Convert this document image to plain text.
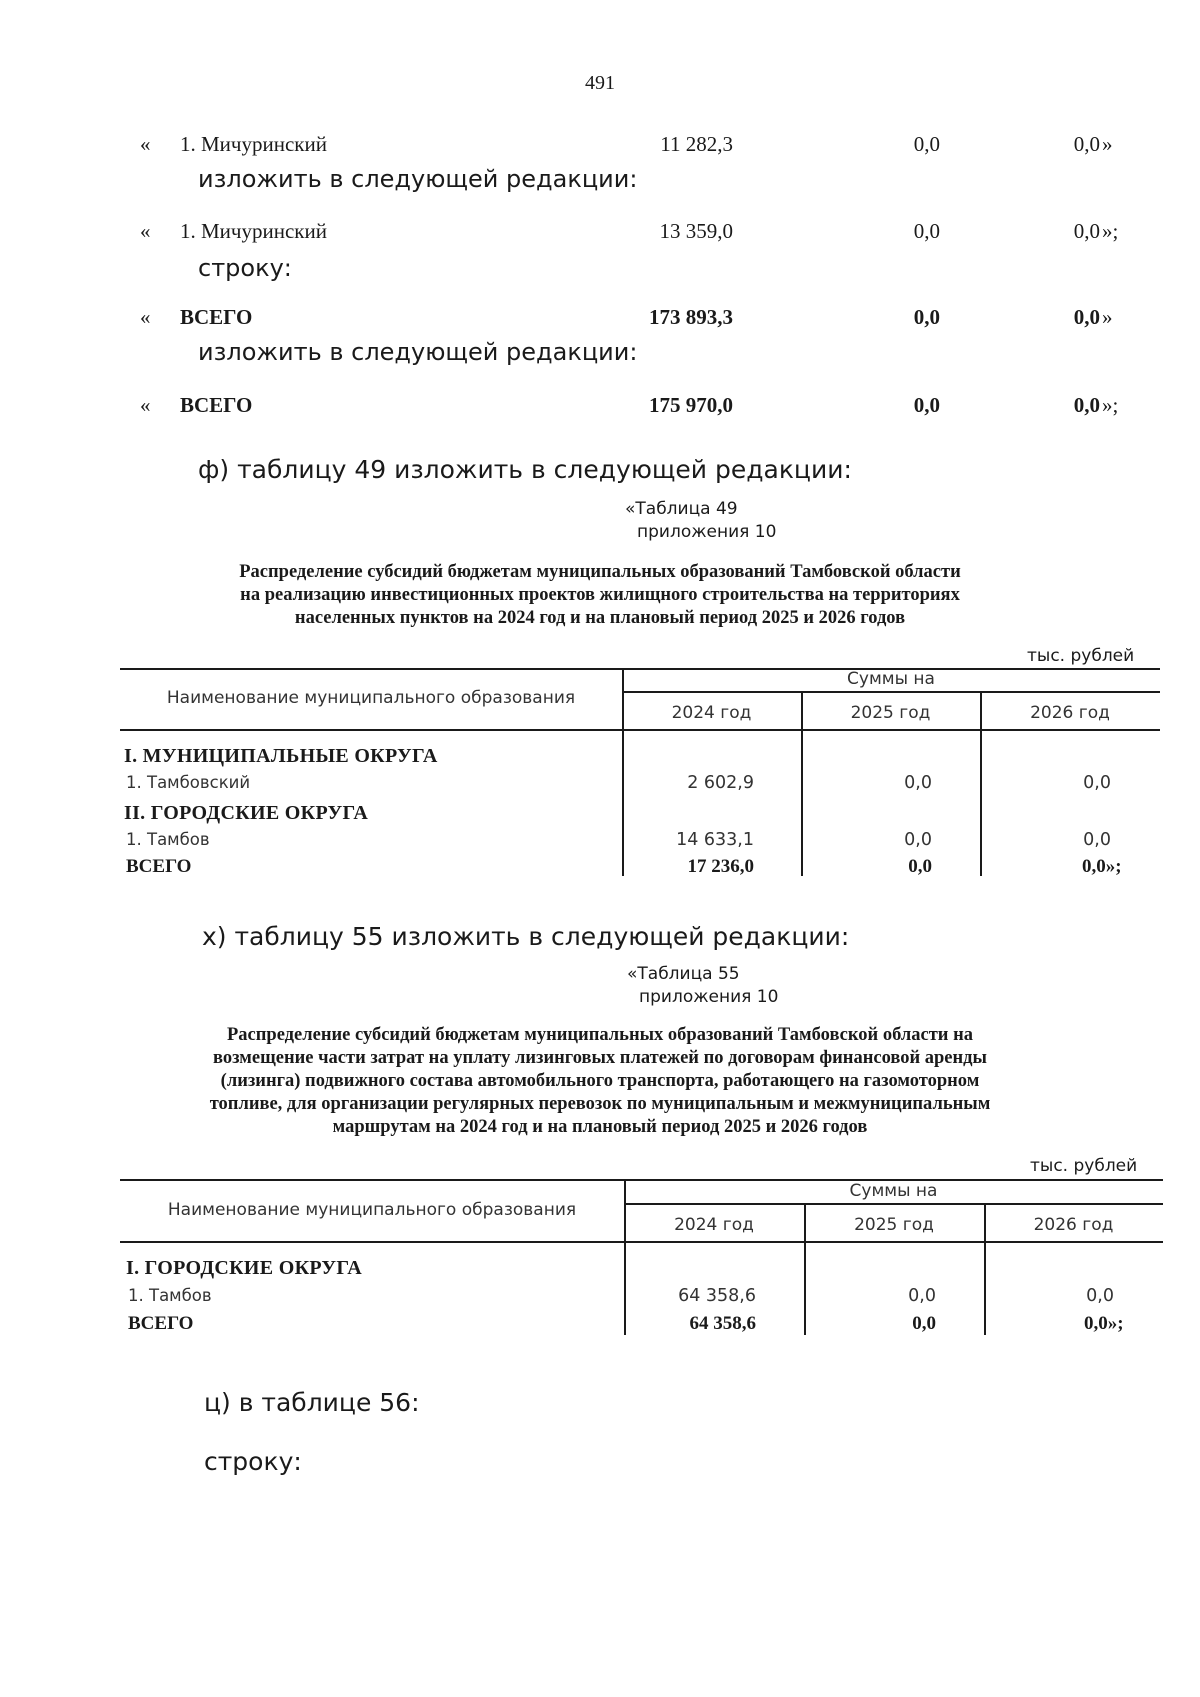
491
«	1. Мичуринский	11 282,3	0,0	0,0 »
изложить в следующей редакции:
«	1. Мичуринский	13 359,0	0,0	0,0 »;
строку:
«	ВСЕГО	173 893,3	0,0	0,0 »
изложить в следующей редакции:
«	ВСЕГО	175 970,0	0,0	0,0 »;
ф) таблицу 49 изложить в следующей редакции:
«Таблица 49
приложения 10
Распределение субсидий бюджетам муниципальных образований Тамбовской области
на реализацию инвестиционных проектов жилищного строительства на территориях
населенных пунктов на 2024 год и на плановый период 2025 и 2026 годов
тыс. рублей
Наименование муниципального образования
Суммы на
2024 год	2025 год	2026 год
I. МУНИЦИПАЛЬНЫЕ ОКРУГА
1. Тамбовский	2 602,9	0,0	0,0
II. ГОРОДСКИЕ ОКРУГА
1. Тамбов	14 633,1	0,0	0,0
ВСЕГО	17 236,0	0,0	0,0»;
х) таблицу 55 изложить в следующей редакции:
«Таблица 55
приложения 10
Распределение субсидий бюджетам муниципальных образований Тамбовской области на
возмещение части затрат на уплату лизинговых платежей по договорам финансовой аренды
(лизинга) подвижного состава автомобильного транспорта, работающего на газомоторном
топливе, для организации регулярных перевозок по муниципальным и межмуниципальным
маршрутам на 2024 год и на плановый период 2025 и 2026 годов
тыс. рублей
Наименование муниципального образования
Суммы на
2024 год	2025 год	2026 год
I. ГОРОДСКИЕ ОКРУГА
1. Тамбов	64 358,6	0,0	0,0
ВСЕГО	64 358,6	0,0	0,0»;
ц) в таблице 56:
строку:
